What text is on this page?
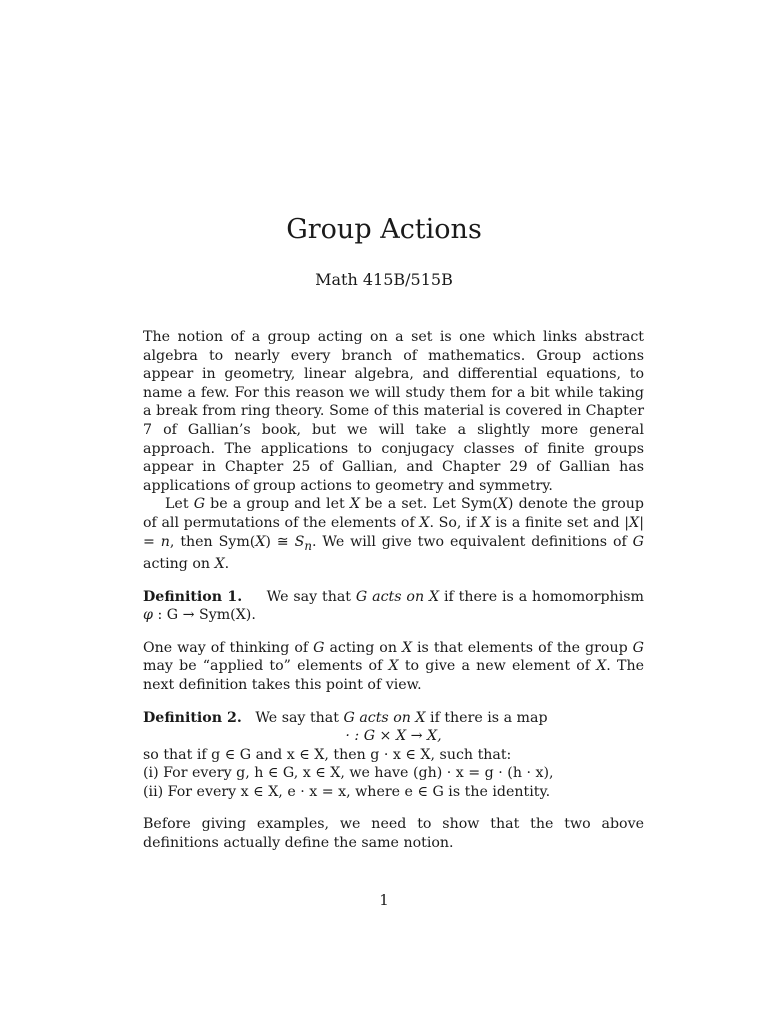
Group Actions
Math 415B/515B

The notion of a group acting on a set is one which links abstract algebra to nearly every branch of mathematics. Group actions appear in geometry, linear algebra, and differential equations, to name a few. For this reason we will study them for a bit while taking a break from ring theory. Some of this material is covered in Chapter 7 of Gallian’s book, but we will take a slightly more general approach. The applications to conjugacy classes of finite groups appear in Chapter 25 of Gallian, and Chapter 29 of Gallian has applications of group actions to geometry and symmetry.

Let G be a group and let X be a set. Let Sym(X) denote the group of all permutations of the elements of X. So, if X is a finite set and |X| = n, then Sym(X) ≅ $S_n$. We will give two equivalent definitions of G acting on X.

Definition 1. We say that G acts on X if there is a homomorphism φ : G → Sym(X).

One way of thinking of G acting on X is that elements of the group G may be “applied to” elements of X to give a new element of X. The next definition takes this point of view.

Definition 2. We say that G acts on X if there is a map

· : G × X → X,

so that if g ∈ G and x ∈ X, then g · x ∈ X, such that:

(i) For every g, h ∈ G, x ∈ X, we have (gh) · x = g · (h · x),

(ii) For every x ∈ X, e · x = x, where e ∈ G is the identity.

Before giving examples, we need to show that the two above definitions actually define the same notion.

1
